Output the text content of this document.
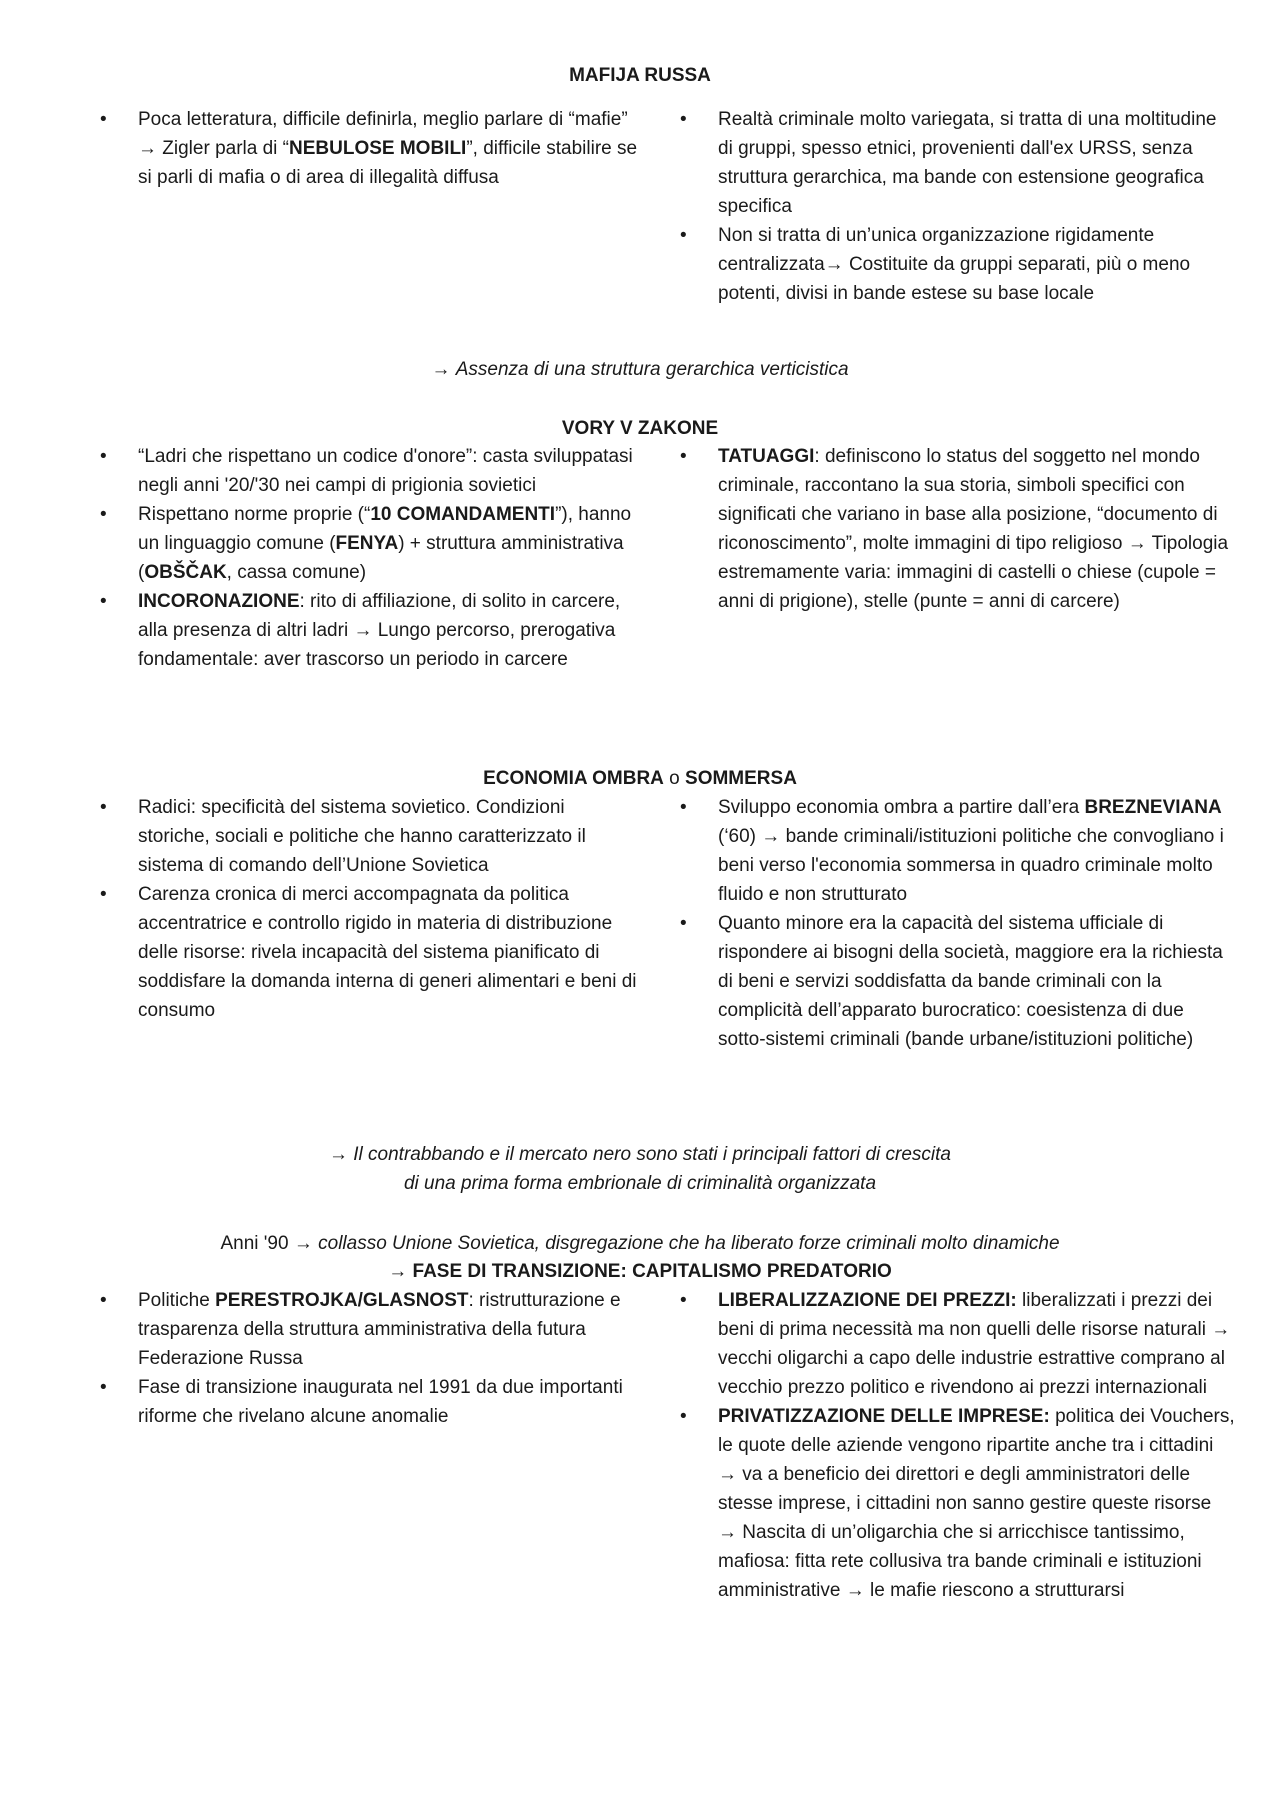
MAFIJA RUSSA
• Poca letteratura, difficile definirla, meglio parlare di “mafie” → Zigler parla di “NEBULOSE MOBILI”, difficile stabilire se si parli di mafia o di area di illegalità diffusa
• Realtà criminale molto variegata, si tratta di una moltitudine di gruppi, spesso etnici, provenienti dall'ex URSS, senza struttura gerarchica, ma bande con estensione geografica specifica
• Non si tratta di un’unica organizzazione rigidamente centralizzata→ Costituite da gruppi separati, più o meno potenti, divisi in bande estese su base locale
→ Assenza di una struttura gerarchica verticistica
VORY V ZAKONE
• “Ladri che rispettano un codice d'onore”: casta sviluppatasi negli anni '20/'30 nei campi di prigionia sovietici
• Rispettano norme proprie (“10 COMANDAMENTI”), hanno un linguaggio comune (FENYA) + struttura amministrativa (OBŠČAK, cassa comune)
• INCORONAZIONE: rito di affiliazione, di solito in carcere, alla presenza di altri ladri → Lungo percorso, prerogativa fondamentale: aver trascorso un periodo in carcere
• TATUAGGI: definiscono lo status del soggetto nel mondo criminale, raccontano la sua storia, simboli specifici con significati che variano in base alla posizione, “documento di riconoscimento”, molte immagini di tipo religioso → Tipologia estremamente varia: immagini di castelli o chiese (cupole = anni di prigione), stelle (punte = anni di carcere)
ECONOMIA OMBRA o SOMMERSA
• Radici: specificità del sistema sovietico. Condizioni storiche, sociali e politiche che hanno caratterizzato il sistema di comando dell’Unione Sovietica
• Carenza cronica di merci accompagnata da politica accentratrice e controllo rigido in materia di distribuzione delle risorse: rivela incapacità del sistema pianificato di soddisfare la domanda interna di generi alimentari e beni di consumo
• Sviluppo economia ombra a partire dall’era BREZNEVIANA (‘60) → bande criminali/istituzioni politiche che convogliano i beni verso l'economia sommersa in quadro criminale molto fluido e non strutturato
• Quanto minore era la capacità del sistema ufficiale di rispondere ai bisogni della società, maggiore era la richiesta di beni e servizi soddisfatta da bande criminali con la complicità dell’apparato burocratico: coesistenza di due sotto-sistemi criminali (bande urbane/istituzioni politiche)
→ Il contrabbando e il mercato nero sono stati i principali fattori di crescita
di una prima forma embrionale di criminalità organizzata
Anni '90 → collasso Unione Sovietica, disgregazione che ha liberato forze criminali molto dinamiche
→ FASE DI TRANSIZIONE: CAPITALISMO PREDATORIO
• Politiche PERESTROJKA/GLASNOST: ristrutturazione e trasparenza della struttura amministrativa della futura Federazione Russa
• Fase di transizione inaugurata nel 1991 da due importanti riforme che rivelano alcune anomalie
• LIBERALIZZAZIONE DEI PREZZI: liberalizzati i prezzi dei beni di prima necessità ma non quelli delle risorse naturali → vecchi oligarchi a capo delle industrie estrattive comprano al vecchio prezzo politico e rivendono ai prezzi internazionali
• PRIVATIZZAZIONE DELLE IMPRESE: politica dei Vouchers, le quote delle aziende vengono ripartite anche tra i cittadini → va a beneficio dei direttori e degli amministratori delle stesse imprese, i cittadini non sanno gestire queste risorse → Nascita di un’oligarchia che si arricchisce tantissimo, mafiosa: fitta rete collusiva tra bande criminali e istituzioni amministrative → le mafie riescono a strutturarsi
